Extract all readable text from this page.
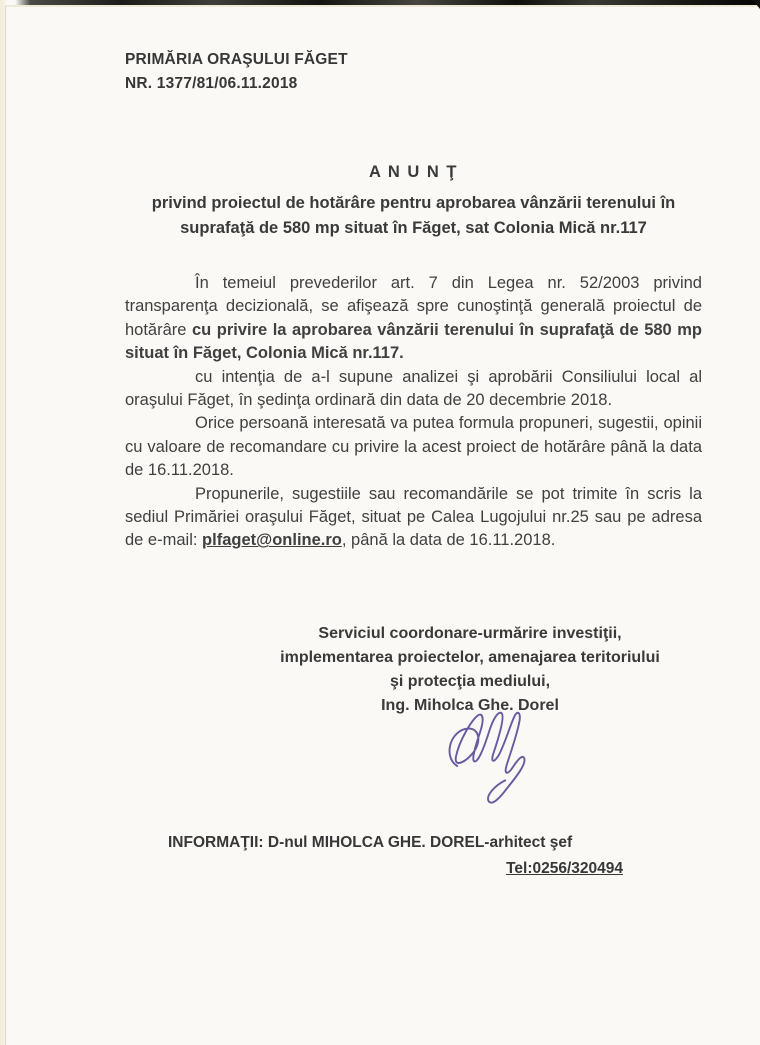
PRIMĂRIA ORAŞULUI FĂGET
NR. 1377/81/06.11.2018
A N U N Ţ
privind proiectul de hotărâre pentru aprobarea vânzării terenului în
suprafaţă de 580 mp situat în Făget, sat Colonia Mică nr.117

În temeiul prevederilor art. 7 din Legea nr. 52/2003 privind transparenţa decizională, se afişează spre cunoştinţă generală proiectul de hotărâre cu privire la aprobarea vânzării terenului în suprafaţă de 580 mp situat în Făget, Colonia Mică nr.117.

cu intenţia de a-l supune analizei şi aprobării Consiliului local al oraşului Făget, în şedinţa ordinară din data de 20 decembrie 2018.

Orice persoană interesată va putea formula propuneri, sugestii, opinii cu valoare de recomandare cu privire la acest proiect de hotărâre până la data de 16.11.2018.

Propunerile, sugestiile sau recomandările se pot trimite în scris la sediul Primăriei oraşului Făget, situat pe Calea Lugojului nr.25 sau pe adresa de e-mail: plfaget@online.ro, până la data de 16.11.2018.

Serviciul coordonare-urmărire investiţii,
implementarea proiectelor, amenajarea teritoriului
şi protecţia mediului,
Ing. Miholca Ghe. Dorel
INFORMAŢII: D-nul MIHOLCA GHE. DOREL-arhitect şef
Tel:0256/320494
